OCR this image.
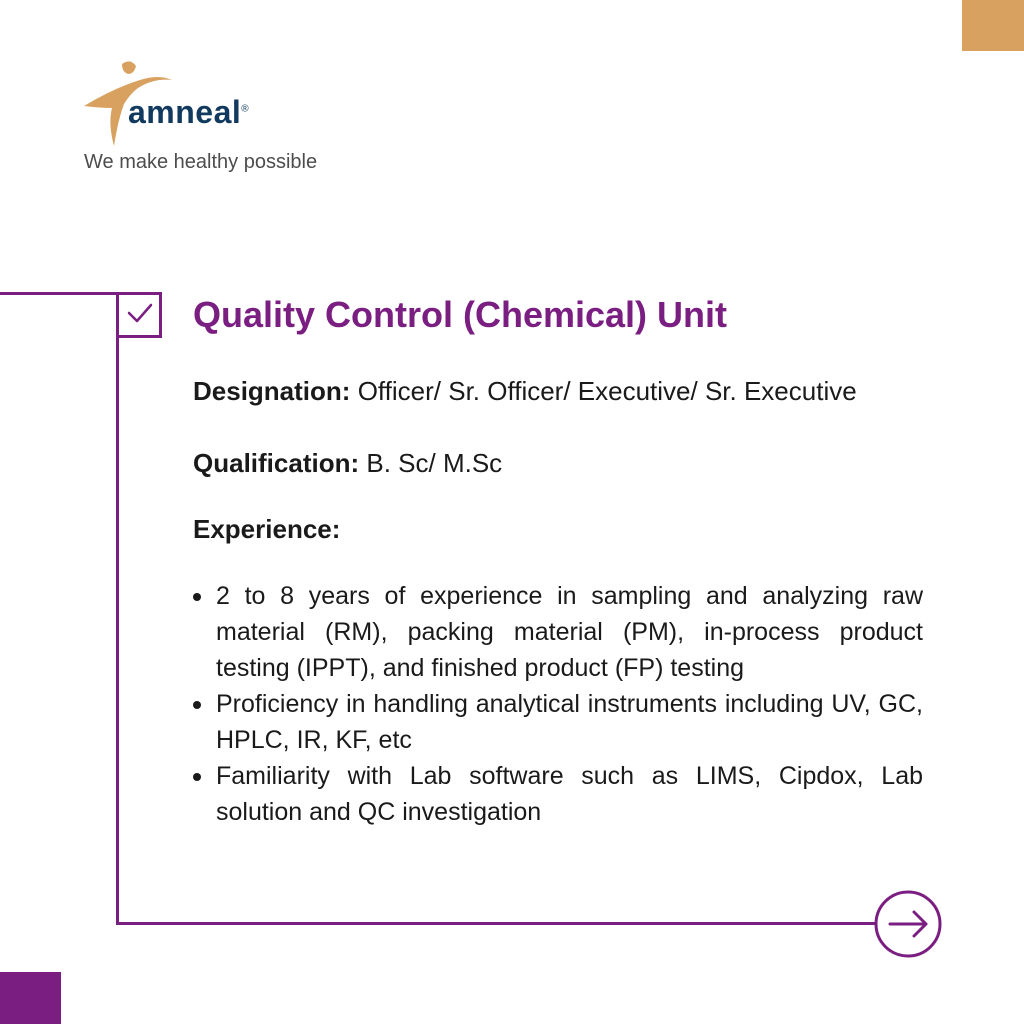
amneal®
We make healthy possible
Quality Control (Chemical) Unit
Designation: Officer/ Sr. Officer/ Executive/ Sr. Executive
Qualification: B. Sc/ M.Sc
Experience:
2 to 8 years of experience in sampling and analyzing raw material (RM), packing material (PM), in-process product testing (IPPT), and finished product (FP) testing
Proficiency in handling analytical instruments including UV, GC, HPLC, IR, KF, etc
Familiarity with Lab software such as LIMS, Cipdox, Lab solution and QC investigation
